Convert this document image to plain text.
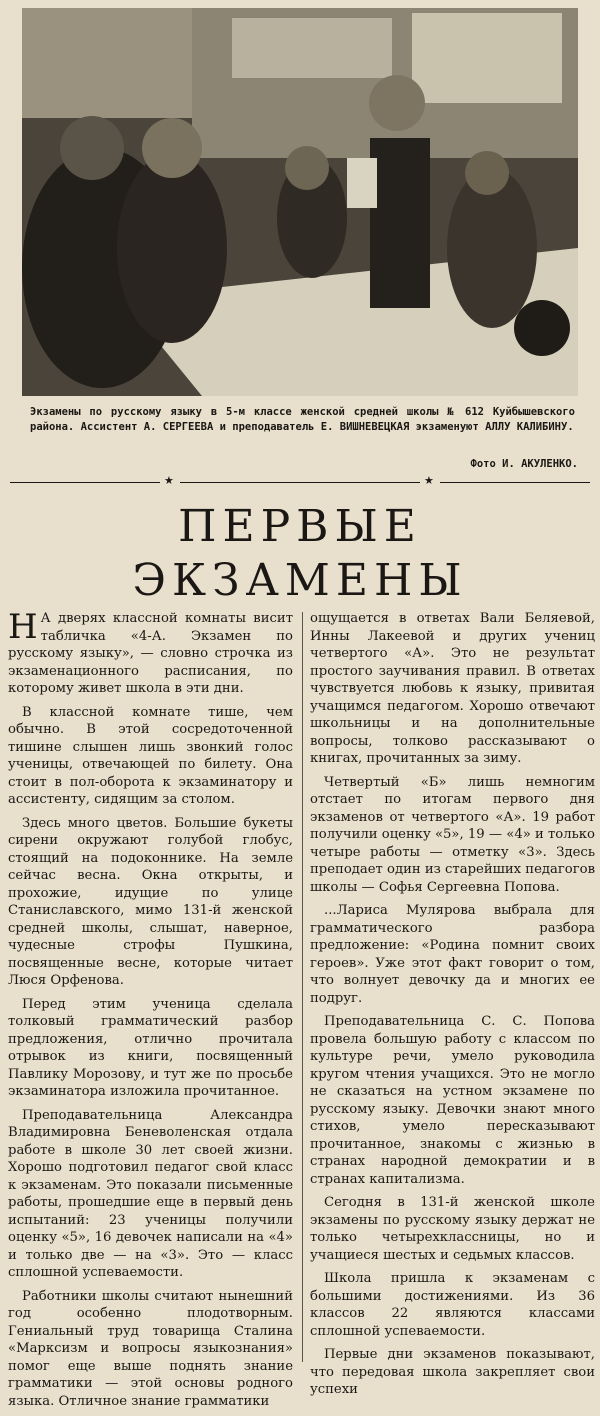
Экзамены по русскому языку в 5-м классе женской средней школы № 612 Куйбышевского района. Ассистент А. СЕРГЕЕВА и преподаватель Е. ВИШНЕВЕЦКАЯ экзаменуют АЛЛУ КАЛИБИНУ.
Фото И. АКУЛЕНКО.
★	★
ПЕРВЫЕ
ЭКЗАМЕНЫ

Н А дверях классной комнаты висит табличка «4-А. Экзамен по русскому языку», — словно строчка из экзаменационного расписания, по которому живет школа в эти дни.

В классной комнате тише, чем обычно. В этой сосредоточенной тишине слышен лишь звонкий голос ученицы, отвечающей по билету. Она стоит в пол-оборота к экзаминатору и ассистенту, сидящим за столом.

Здесь много цветов. Большие букеты сирени окружают голубой глобус, стоящий на подоконнике. На земле сейчас весна. Окна открыты, и прохожие, идущие по улице Станиславского, мимо 131-й женской средней школы, слышат, наверное, чудесные строфы Пушкина, посвященные весне, которые читает Люся Орфенова.

Перед этим ученица сделала толковый грамматический разбор предложения, отлично прочитала отрывок из книги, посвященный Павлику Морозову, и тут же по просьбе экзаминатора изложила прочитанное.

Преподавательница Александра Владимировна Беневоленская отдала работе в школе 30 лет своей жизни. Хорошо подготовил педагог свой класс к экзаменам. Это показали письменные работы, прошедшие еще в первый день испытаний: 23 ученицы получили оценку «5», 16 девочек написали на «4» и только две — на «3». Это — класс сплошной успеваемости.

Работники школы считают нынешний год особенно плодотворным. Гениальный труд товарища Сталина «Марксизм и вопросы языкознания» помог еще выше поднять знание грамматики — этой основы родного языка. Отличное знание грамматики

ощущается в ответах Вали Беляевой, Инны Лакеевой и других учениц четвертого «А». Это не результат простого заучивания правил. В ответах чувствуется любовь к языку, привитая учащимся педагогом. Хорошо отвечают школьницы и на дополнительные вопросы, толково рассказывают о книгах, прочитанных за зиму.

Четвертый «Б» лишь немногим отстает по итогам первого дня экзаменов от четвертого «А». 19 работ получили оценку «5», 19 — «4» и только четыре работы — отметку «3». Здесь преподает один из старейших педагогов школы — Софья Сергеевна Попова.

...Лариса Мулярова выбрала для грамматического разбора предложение: «Родина помнит своих героев». Уже этот факт говорит о том, что волнует девочку да и многих ее подруг.

Преподавательница С. С. Попова провела большую работу с классом по культуре речи, умело руководила кругом чтения учащихся. Это не могло не сказаться на устном экзамене по русскому языку. Девочки знают много стихов, умело пересказывают прочитанное, знакомы с жизнью в странах народной демократии и в странах капитализма.

Сегодня в 131-й женской школе экзамены по русскому языку держат не только четырехклассницы, но и учащиеся шестых и седьмых классов.

Школа пришла к экзаменам с большими достижениями. Из 36 классов 22 являются классами сплошной успеваемости.

Первые дни экзаменов показывают, что передовая школа закрепляет свои успехи
